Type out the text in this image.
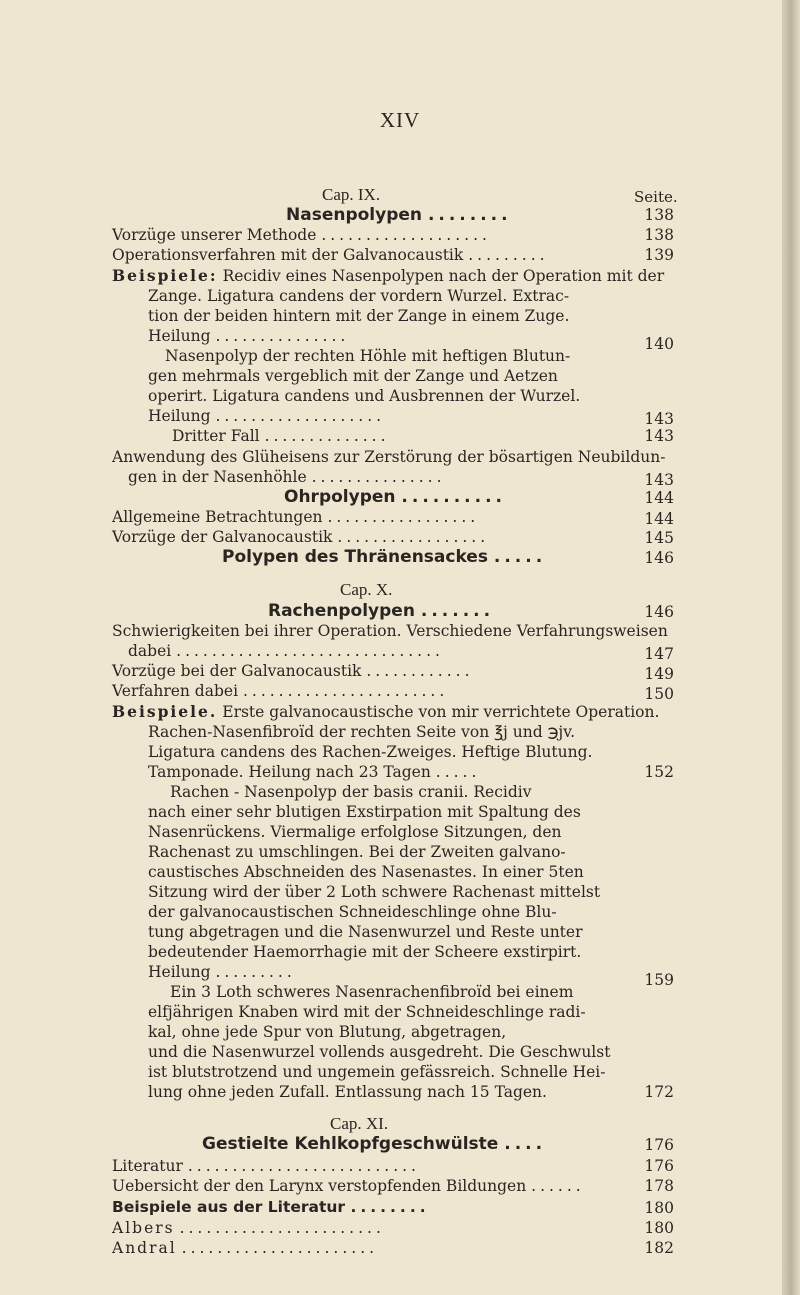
XIV
Cap. IX.	Seite.
Nasenpolypen ........	138
Vorzüge unserer Methode ...................	138
Operationsverfahren mit der Galvanocaustik .........	139
Beispiele: Recidiv eines Nasenpolypen nach der Operation mit der
Zange. Ligatura candens der vordern Wurzel. Extrac-
tion der beiden hintern mit der Zange in einem Zuge.
Heilung ...............	140
Nasenpolyp der rechten Höhle mit heftigen Blutun-
gen mehrmals vergeblich mit der Zange und Aetzen
operirt. Ligatura candens und Ausbrennen der Wurzel.
Heilung ...................	143
Dritter Fall ..............	143
Anwendung des Glüheisens zur Zerstörung der bösartigen Neubildun-
gen in der Nasenhöhle ...............	143
Ohrpolypen ..........	144
Allgemeine Betrachtungen .................	144
Vorzüge der Galvanocaustik .................	145
Polypen des Thränensackes .....	146
Cap. X.
Rachenpolypen .......	146
Schwierigkeiten bei ihrer Operation. Verschiedene Verfahrungsweisen
dabei ..............................	147
Vorzüge bei der Galvanocaustik ............	149
Verfahren dabei .......................	150
Beispiele. Erste galvanocaustische von mir verrichtete Operation.
Rachen-Nasenfibroïd der rechten Seite von ℥j und ℈jv.
Ligatura candens des Rachen-Zweiges. Heftige Blutung.
Tamponade. Heilung nach 23 Tagen .....	152
Rachen - Nasenpolyp der basis cranii. Recidiv
nach einer sehr blutigen Exstirpation mit Spaltung des
Nasenrückens. Viermalige erfolglose Sitzungen, den
Rachenast zu umschlingen. Bei der Zweiten galvano-
caustisches Abschneiden des Nasenastes. In einer 5ten
Sitzung wird der über 2 Loth schwere Rachenast mittelst
der galvanocaustischen Schneideschlinge ohne Blu-
tung abgetragen und die Nasenwurzel und Reste unter
bedeutender Haemorrhagie mit der Scheere exstirpirt.
Heilung .........	159
Ein 3 Loth schweres Nasenrachenfibroïd bei einem
elfjährigen Knaben wird mit der Schneideschlinge radi-
kal, ohne jede Spur von Blutung, abgetragen,
und die Nasenwurzel vollends ausgedreht. Die Geschwulst
ist blutstrotzend und ungemein gefässreich. Schnelle Hei-
lung ohne jeden Zufall. Entlassung nach 15 Tagen.	172
Cap. XI.
Gestielte Kehlkopfgeschwülste ....	176
Literatur ..........................	176
Uebersicht der den Larynx verstopfenden Bildungen ......	178
Beispiele aus der Literatur ........	180
Albers .......................	180
Andral ......................	182
